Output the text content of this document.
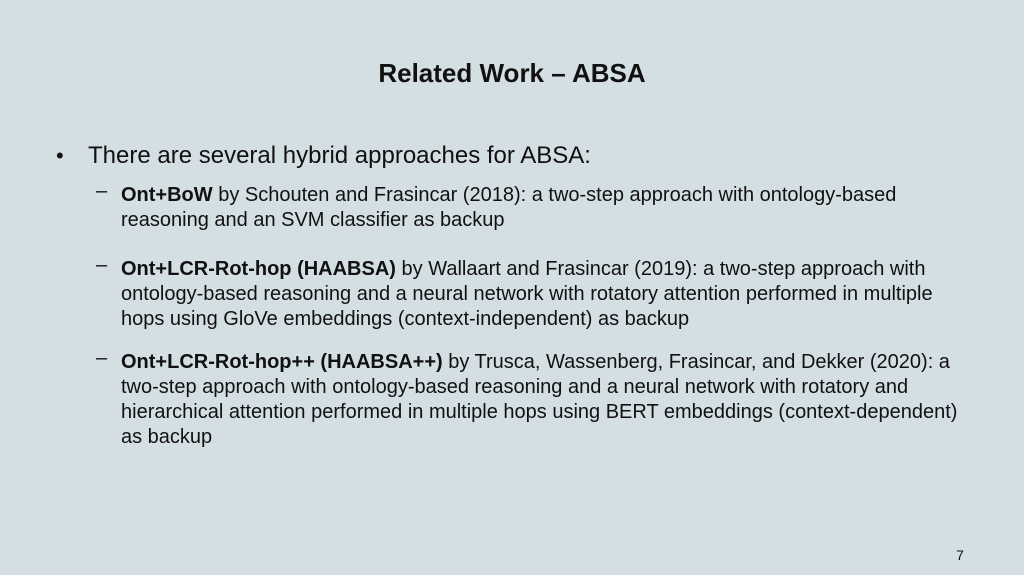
Related Work – ABSA
• There are several hybrid approaches for ABSA:
– Ont+BoW by Schouten and Frasincar (2018): a two-step approach with ontology-based reasoning and an SVM classifier as backup
– Ont+LCR-Rot-hop (HAABSA) by Wallaart and Frasincar (2019): a two-step approach with ontology-based reasoning and a neural network with rotatory attention performed in multiple hops using GloVe embeddings (context-independent) as backup
– Ont+LCR-Rot-hop++ (HAABSA++) by Trusca, Wassenberg, Frasincar, and Dekker (2020): a two-step approach with ontology-based reasoning and a neural network with rotatory and hierarchical attention performed in multiple hops using BERT embeddings (context-dependent) as backup
7
